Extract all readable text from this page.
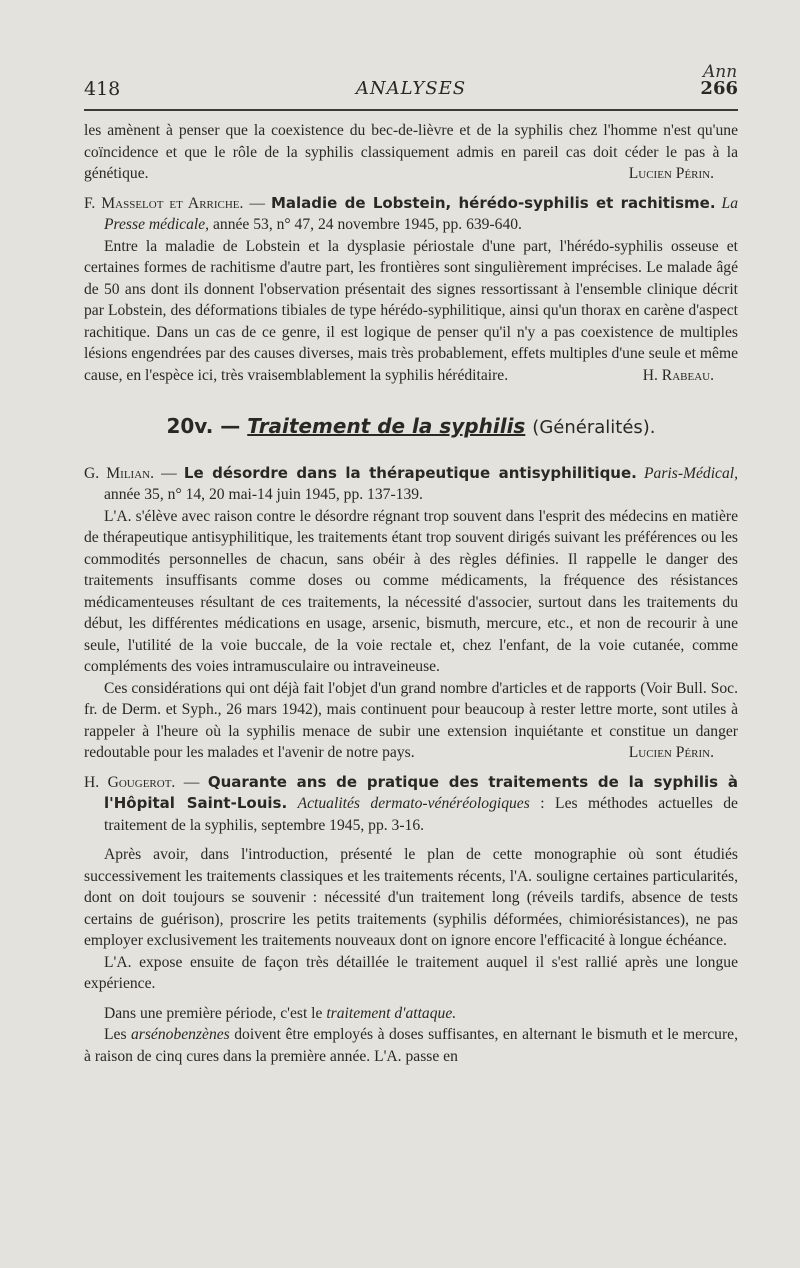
Ann
418	ANALYSES	266

les amènent à penser que la coexistence du bec-de-lièvre et de la syphilis chez l'homme n'est qu'une coïncidence et que le rôle de la syphilis classiquement admis en pareil cas doit céder le pas à la génétique.	Lucien Périn.

F. Masselot et Arriche. — Maladie de Lobstein, hérédo-syphilis et rachitisme. La Presse médicale, année 53, n° 47, 24 novembre 1945, pp. 639-640.

Entre la maladie de Lobstein et la dysplasie périostale d'une part, l'hérédo-syphilis osseuse et certaines formes de rachitisme d'autre part, les frontières sont singulièrement imprécises. Le malade âgé de 50 ans dont ils donnent l'observation présentait des signes ressortissant à l'ensemble clinique décrit par Lobstein, des déformations tibiales de type hérédo-syphilitique, ainsi qu'un thorax en carène d'aspect rachitique. Dans un cas de ce genre, il est logique de penser qu'il n'y a pas coexistence de multiples lésions engendrées par des causes diverses, mais très probablement, effets multiples d'une seule et même cause, en l'espèce ici, très vraisemblablement la syphilis héréditaire.	H. Rabeau.

20v. — Traitement de la syphilis (Généralités).

G. Milian. — Le désordre dans la thérapeutique antisyphilitique. Paris-Médical, année 35, n° 14, 20 mai-14 juin 1945, pp. 137-139.

L'A. s'élève avec raison contre le désordre régnant trop souvent dans l'esprit des médecins en matière de thérapeutique antisyphilitique, les traitements étant trop souvent dirigés suivant les préférences ou les commodités personnelles de chacun, sans obéir à des règles définies. Il rappelle le danger des traitements insuffisants comme doses ou comme médicaments, la fréquence des résistances médicamenteuses résultant de ces traitements, la nécessité d'associer, surtout dans les traitements du début, les différentes médications en usage, arsenic, bismuth, mercure, etc., et non de recourir à une seule, l'utilité de la voie buccale, de la voie rectale et, chez l'enfant, de la voie cutanée, comme compléments des voies intramusculaire ou intraveineuse.

Ces considérations qui ont déjà fait l'objet d'un grand nombre d'articles et de rapports (Voir Bull. Soc. fr. de Derm. et Syph., 26 mars 1942), mais continuent pour beaucoup à rester lettre morte, sont utiles à rappeler à l'heure où la syphilis menace de subir une extension inquiétante et constitue un danger redoutable pour les malades et l'avenir de notre pays.	Lucien Périn.

H. Gougerot. — Quarante ans de pratique des traitements de la syphilis à l'Hôpital Saint-Louis. Actualités dermato-vénéréologiques : Les méthodes actuelles de traitement de la syphilis, septembre 1945, pp. 3-16.

Après avoir, dans l'introduction, présenté le plan de cette monographie où sont étudiés successivement les traitements classiques et les traitements récents, l'A. souligne certaines particularités, dont on doit toujours se souvenir : nécessité d'un traitement long (réveils tardifs, absence de tests certains de guérison), proscrire les petits traitements (syphilis déformées, chimiorésistances), ne pas employer exclusivement les traitements nouveaux dont on ignore encore l'efficacité à longue échéance.

L'A. expose ensuite de façon très détaillée le traitement auquel il s'est rallié après une longue expérience.

Dans une première période, c'est le traitement d'attaque.

Les arsénobenzènes doivent être employés à doses suffisantes, en alternant le bismuth et le mercure, à raison de cinq cures dans la première année. L'A. passe en
